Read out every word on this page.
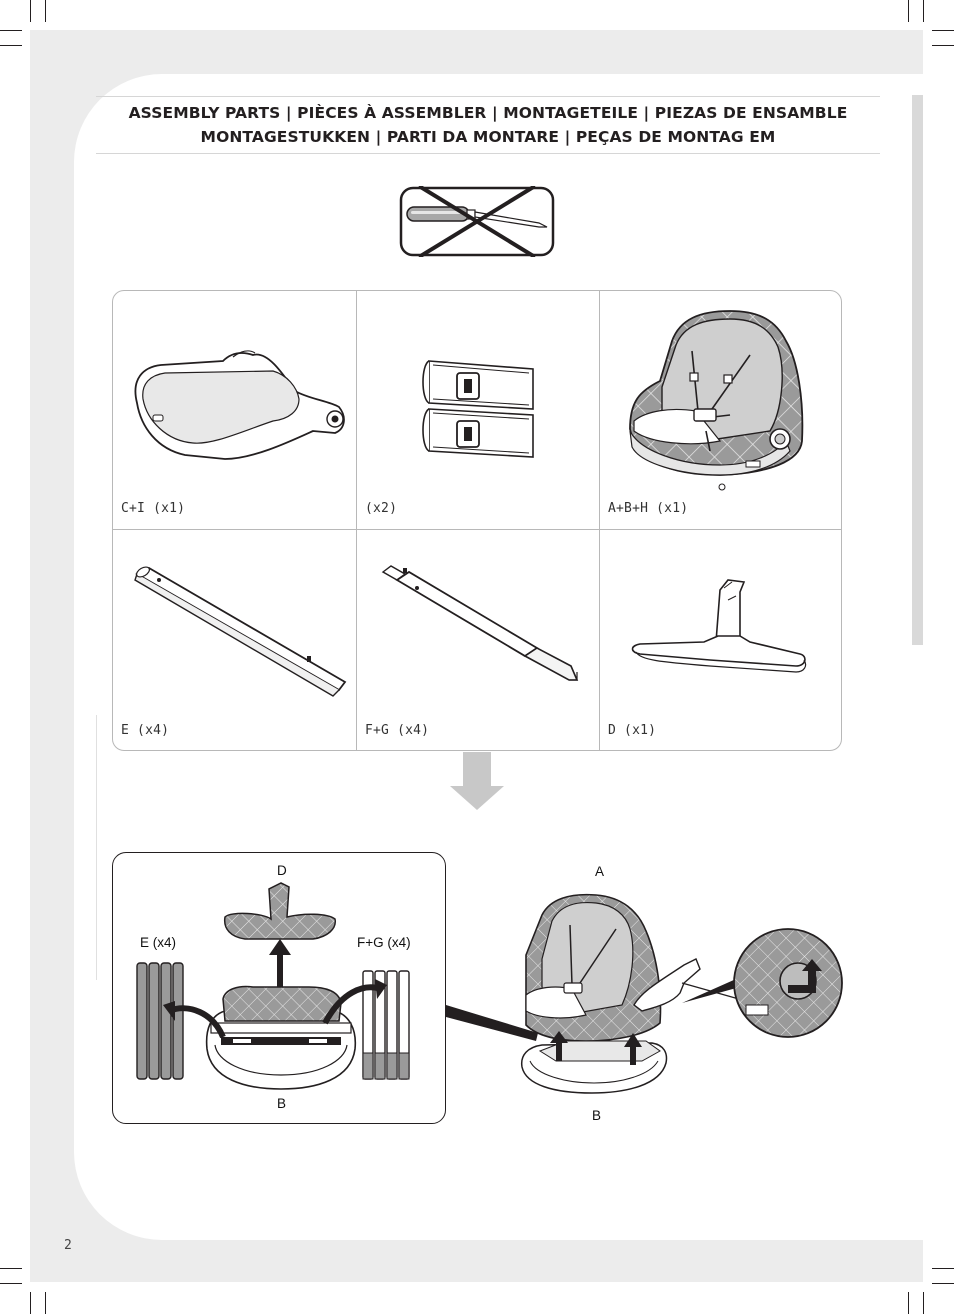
ASSEMBLY PARTS | PIÈCES À ASSEMBLER | MONTAGETEILE | PIEZAS DE ENSAMBLE
MONTAGESTUKKEN | PARTI DA MONTARE | PEÇAS DE MONTAG EM
C+I (x1)	(x2)	A+B+H (x1)
E (x4)	F+G (x4)	D (x1)
D
E (x4)	F+G (x4)
B
A
B
2
